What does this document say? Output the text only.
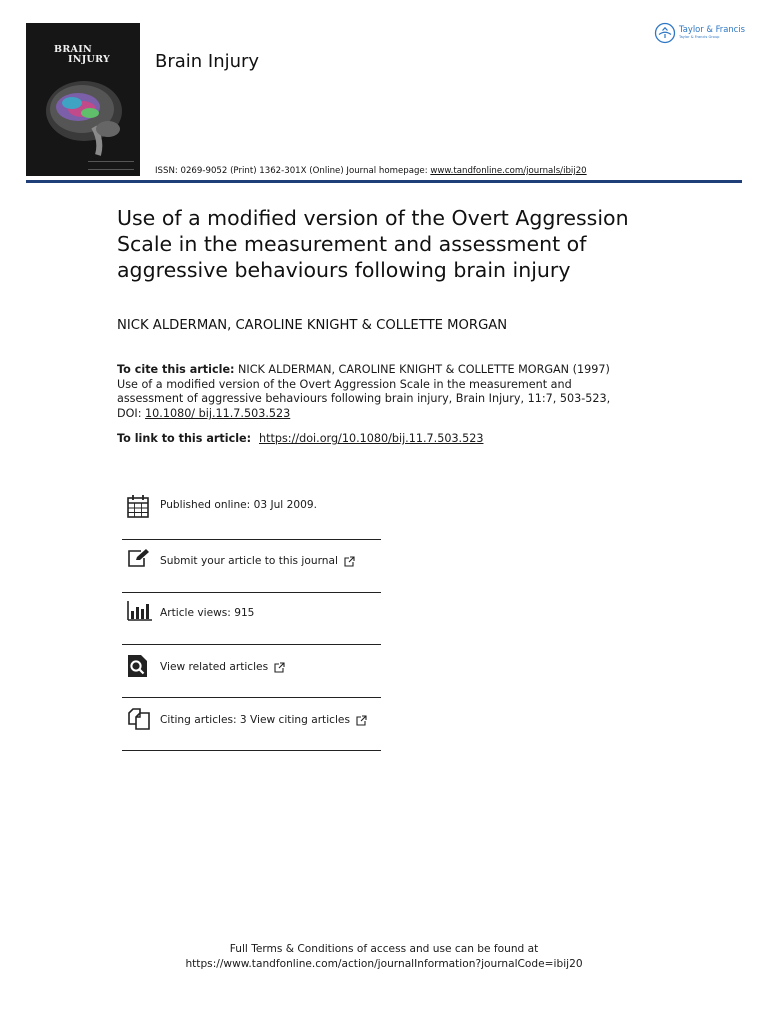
BRAIN
INJURY	Brain Injury
ISSN: 0269-9052 (Print) 1362-301X (Online) Journal homepage: www.tandfonline.com/journals/ibij20
Taylor & Francis
Taylor & Francis Group
Use of a modified version of the Overt Aggression Scale in the measurement and assessment of aggressive behaviours following brain injury
NICK ALDERMAN, CAROLINE KNIGHT & COLLETTE MORGAN
To cite this article: NICK ALDERMAN, CAROLINE KNIGHT & COLLETTE MORGAN (1997) Use of a modified version of the Overt Aggression Scale in the measurement and assessment of aggressive behaviours following brain injury, Brain Injury, 11:7, 503-523, DOI: 10.1080/ bij.11.7.503.523
To link to this article: https://doi.org/10.1080/bij.11.7.503.523
Published online: 03 Jul 2009.
Submit your article to this journal
Article views: 915
View related articles
Citing articles: 3 View citing articles
Full Terms & Conditions of access and use can be found at
https://www.tandfonline.com/action/journalInformation?journalCode=ibij20
